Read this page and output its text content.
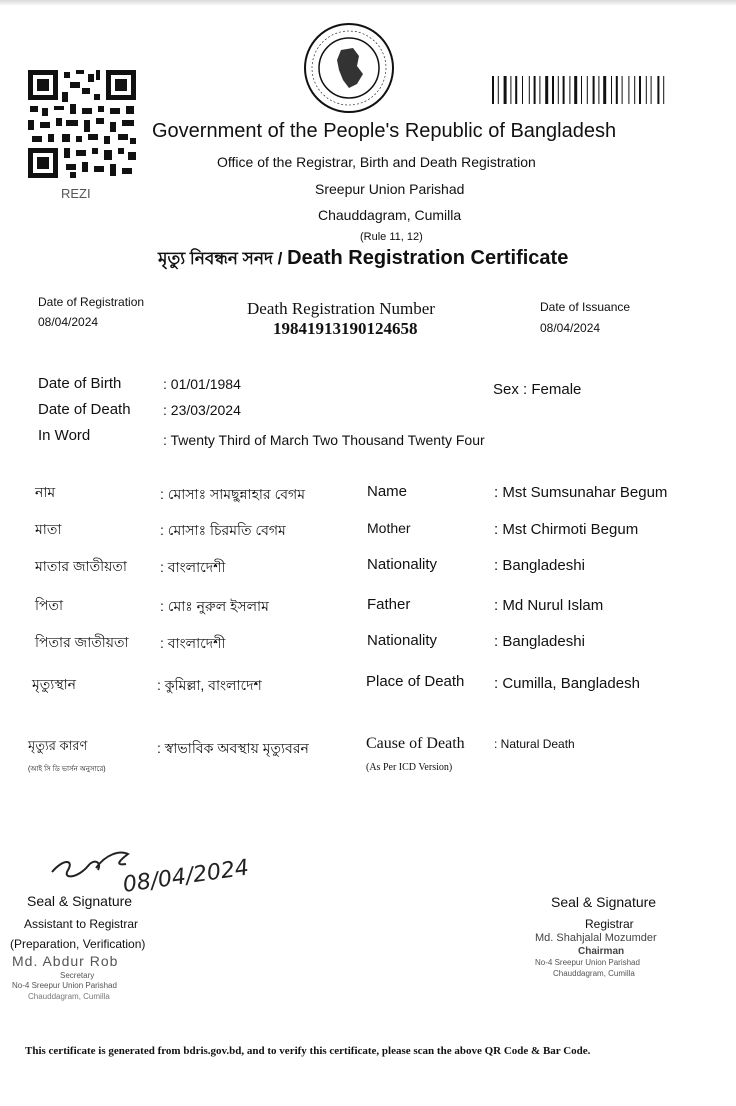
REZI
Government of the People's Republic of Bangladesh
Office of the Registrar, Birth and Death Registration
Sreepur Union Parishad
Chauddagram, Cumilla
(Rule 11, 12)
মৃত্যু নিবন্ধন সনদ / Death Registration Certificate
Date of Registration
08/04/2024
Death Registration Number
19841913190124658
Date of Issuance
08/04/2024
Date of Birth	: 01/01/1984	Sex : Female
Date of Death : 23/03/2024
In Word	: Twenty Third of March Two Thousand Twenty Four
নাম	: মোসাঃ সামছুন্নাহার বেগম	Name	: Mst Sumsunahar Begum
মাতা	: মোসাঃ চিরমতি বেগম	Mother	: Mst Chirmoti Begum
মাতার জাতীয়তা : বাংলাদেশী	Nationality	: Bangladeshi
পিতা	: মোঃ নুরুল ইসলাম	Father	: Md Nurul Islam
পিতার জাতীয়তা : বাংলাদেশী	Nationality	: Bangladeshi
মৃত্যুস্থান	: কুমিল্লা, বাংলাদেশ	Place of Death : Cumilla, Bangladesh
মৃত্যুর কারণ
(আই সি ডি ভার্সন অনুসারে)
: স্বাভাবিক অবস্থায় মৃত্যুবরন	Cause of Death
(As Per ICD Version)
: Natural Death
08/04/2024
Seal & Signature
Assistant to Registrar
(Preparation, Verification)
Md. Abdur Rob
Secretary
No-4 Sreepur Union Parishad
Chauddagram, Cumilla
Seal & Signature
Registrar
Md. Shahjalal Mozumder
Chairman
No-4 Sreepur Union Parishad
Chauddagram, Cumilla
This certificate is generated from bdris.gov.bd, and to verify this certificate, please scan the above QR Code & Bar Code.
